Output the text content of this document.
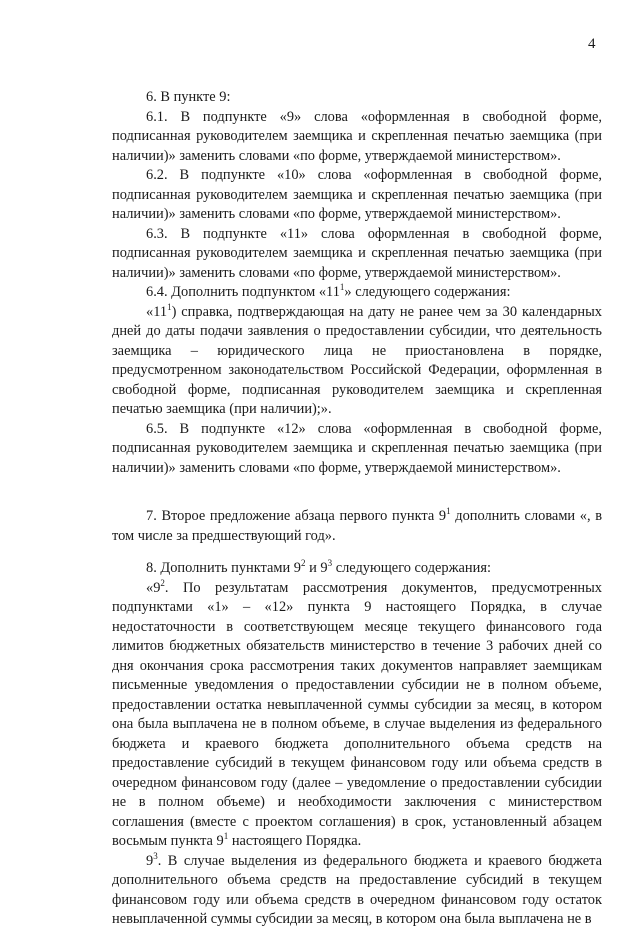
4

6. В пункте 9:

6.1. В подпункте «9» слова «оформленная в свободной форме, подписанная руководителем заемщика и скрепленная печатью заемщика (при наличии)» заменить словами «по форме, утверждаемой министерством».

6.2. В подпункте «10» слова «оформленная в свободной форме, подписанная руководителем заемщика и скрепленная печатью заемщика (при наличии)» заменить словами «по форме, утверждаемой министерством».

6.3. В подпункте «11» слова оформленная в свободной форме, подписанная руководителем заемщика и скрепленная печатью заемщика (при наличии)» заменить словами «по форме, утверждаемой министерством».

6.4. Дополнить подпунктом «$11^1$» следующего содержания:

«$11^1$) справка, подтверждающая на дату не ранее чем за 30 календарных дней до даты подачи заявления о предоставлении субсидии, что деятельность заемщика – юридического лица не приостановлена в порядке, предусмотренном законодательством Российской Федерации, оформленная в свободной форме, подписанная руководителем заемщика и скрепленная печатью заемщика (при наличии);».

6.5. В подпункте «12» слова «оформленная в свободной форме, подписанная руководителем заемщика и скрепленная печатью заемщика (при наличии)» заменить словами «по форме, утверждаемой министерством».

7. Второе предложение абзаца первого пункта $9^1$ дополнить словами «, в том числе за предшествующий год».

8. Дополнить пунктами $9^2$ и $9^3$ следующего содержания:

«$9^2$. По результатам рассмотрения документов, предусмотренных подпунктами «1» – «12» пункта 9 настоящего Порядка, в случае недостаточности в соответствующем месяце текущего финансового года лимитов бюджетных обязательств министерство в течение 3 рабочих дней со дня окончания срока рассмотрения таких документов направляет заемщикам письменные уведомления о предоставлении субсидии не в полном объеме, предоставлении остатка невыплаченной суммы субсидии за месяц, в котором она была выплачена не в полном объеме, в случае выделения из федерального бюджета и краевого бюджета дополнительного объема средств на предоставление субсидий в текущем финансовом году или объема средств в очередном финансовом году (далее – уведомление о предоставлении субсидии не в полном объеме) и необходимости заключения с министерством соглашения (вместе с проектом соглашения) в срок, установленный абзацем восьмым пункта $9^1$ настоящего Порядка.

$9^3$. В случае выделения из федерального бюджета и краевого бюджета дополнительного объема средств на предоставление субсидий в текущем финансовом году или объема средств в очередном финансовом году остаток невыплаченной суммы субсидии за месяц, в котором она была выплачена не в
